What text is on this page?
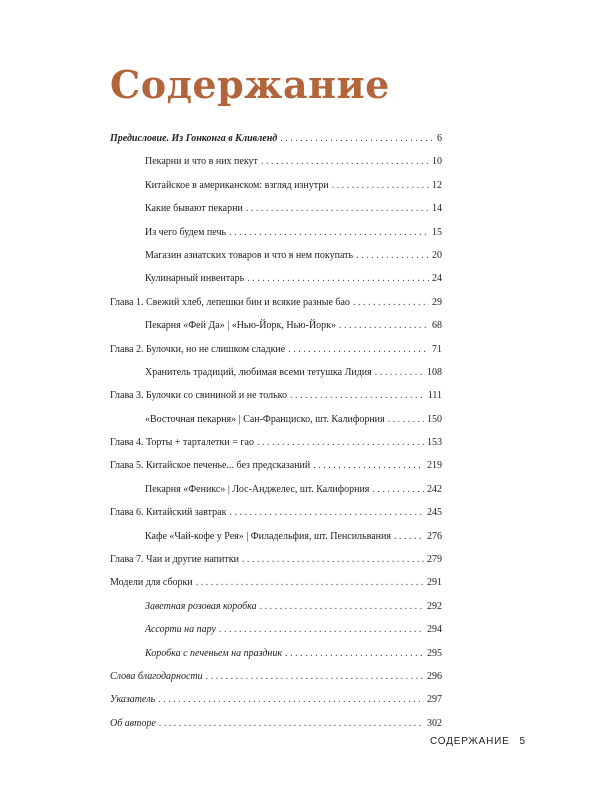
Содержание
Предисловие. Из Гонконга в Кливленд . . .	6
Пекарни и что в них пекут . . .	10
Китайское в американском: взгляд изнутри . . .	12
Какие бывают пекарни . . .	14
Из чего будем печь . . .	15
Магазин азиатских товаров и что в нем покупать . . .	20
Кулинарный инвентарь . . .	24
Глава 1. Свежий хлеб, лепешки бин и всякие разные бао . . .	29
Пекарня «Фей Да» | «Нью-Йорк, Нью-Йорк» . . .	68
Глава 2. Булочки, но не слишком сладкие . . .	71
Хранитель традиций, любимая всеми тетушка Лидия . . .	108
Глава 3. Булочки со свининой и не только . . .	111
«Восточная пекарня» | Сан-Франциско, шт. Калифорния . . .	150
Глава 4. Торты + тарталетки = гао . . .	153
Глава 5. Китайское печенье... без предсказаний . . .	219
Пекарня «Феникс» | Лос-Анджелес, шт. Калифорния . . .	242
Глава 6. Китайский завтрак . . .	245
Кафе «Чай-кофе у Рея» | Филадельфия, шт. Пенсильвания . . .	276
Глава 7. Чаи и другие напитки . . .	279
Модели для сборки . . .	291
Заветная розовая коробка . . .	292
Ассорти на пару . . .	294
Коробка с печеньем на праздник . . .	295
Слова благодарности . . .	296
Указатель . . .	297
Об авторе . . .	302
СОДЕРЖАНИЕ 5
